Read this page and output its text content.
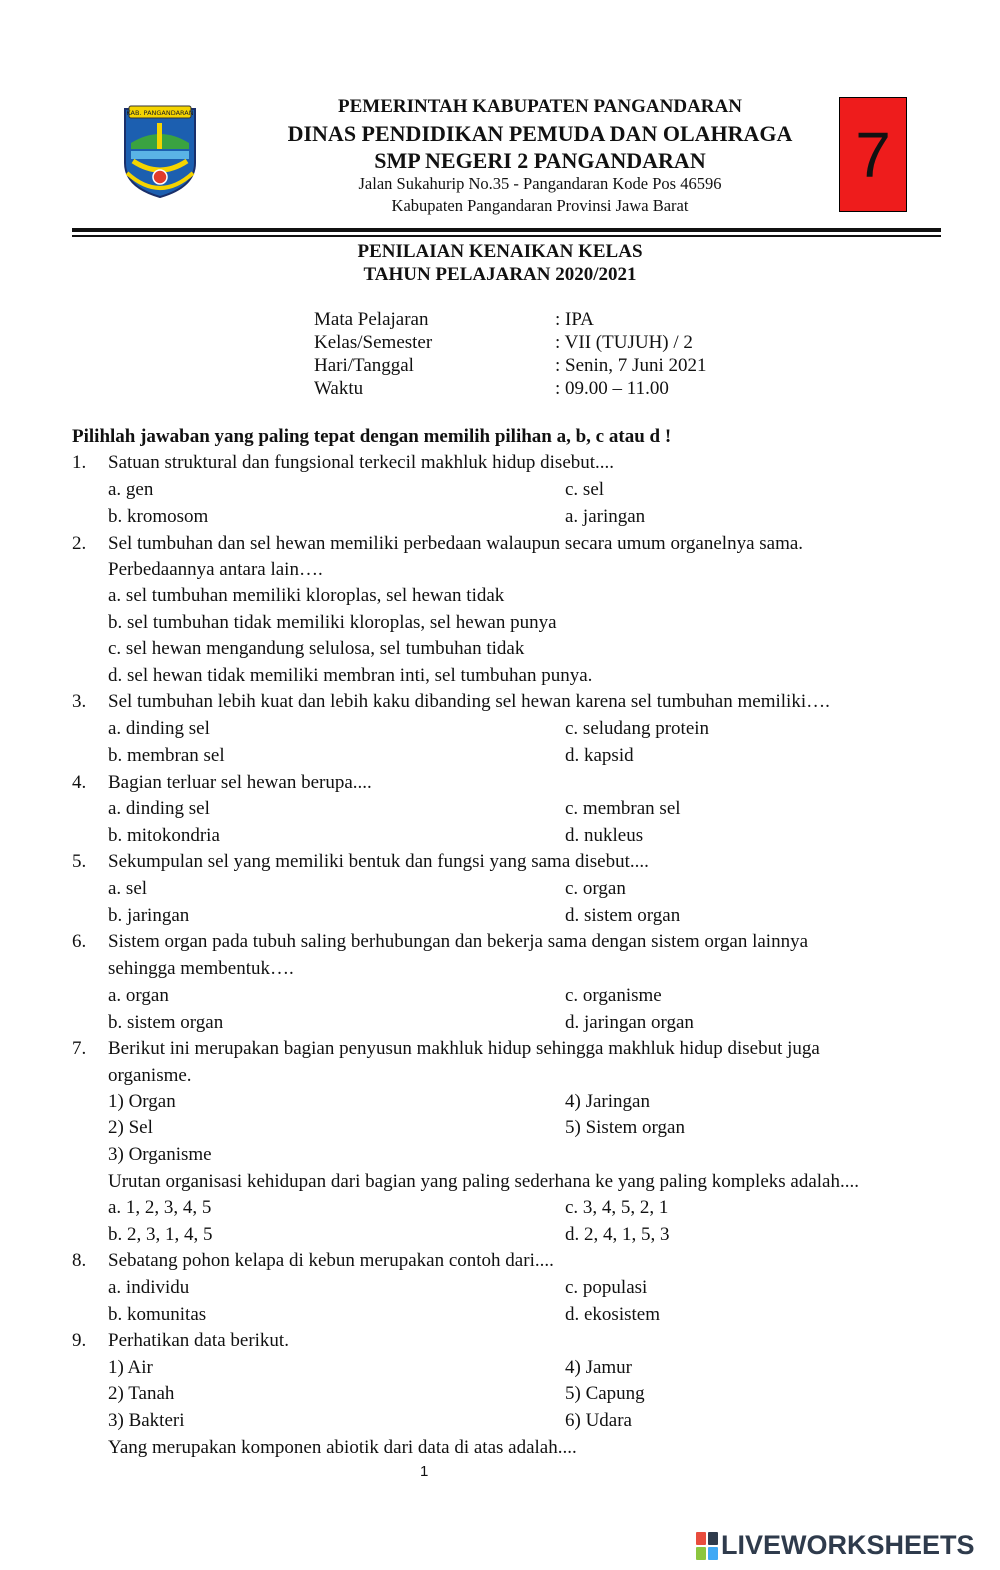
KAB. PANGANDARAN	PEMERINTAH KABUPATEN PANGANDARAN
DINAS PENDIDIKAN PEMUDA DAN OLAHRAGA
SMP NEGERI 2 PANGANDARAN
Jalan Sukahurip No.35 - Pangandaran Kode Pos 46596
Kabupaten Pangandaran Provinsi Jawa Barat
7
PENILAIAN KENAIKAN KELAS
TAHUN PELAJARAN 2020/2021
Mata Pelajaran	: IPA
Kelas/Semester	: VII (TUJUH) / 2
Hari/Tanggal	: Senin, 7 Juni 2021
Waktu	: 09.00 – 11.00
Pilihlah jawaban yang paling tepat dengan memilih pilihan a, b, c atau d !
1. Satuan struktural dan fungsional terkecil makhluk hidup disebut....
a. gen	c. sel
b. kromosom	a. jaringan
2. Sel tumbuhan dan sel hewan memiliki perbedaan walaupun secara umum organelnya sama.
Perbedaannya antara lain….
a. sel tumbuhan memiliki kloroplas, sel hewan tidak
b. sel tumbuhan tidak memiliki kloroplas, sel hewan punya
c. sel hewan mengandung selulosa, sel tumbuhan tidak
d. sel hewan tidak memiliki membran inti, sel tumbuhan punya.
3. Sel tumbuhan lebih kuat dan lebih kaku dibanding sel hewan karena sel tumbuhan memiliki….
a. dinding sel	c. seludang protein
b. membran sel	d. kapsid
4. Bagian terluar sel hewan berupa....
a. dinding sel	c. membran sel
b. mitokondria	d. nukleus
5. Sekumpulan sel yang memiliki bentuk dan fungsi yang sama disebut....
a. sel	c. organ
b. jaringan	d. sistem organ
6. Sistem organ pada tubuh saling berhubungan dan bekerja sama dengan sistem organ lainnya
sehingga membentuk….
a. organ	c. organisme
b. sistem organ	d. jaringan organ
7. Berikut ini merupakan bagian penyusun makhluk hidup sehingga makhluk hidup disebut juga
organisme.
1) Organ	4) Jaringan
2) Sel	5) Sistem organ
3) Organisme
Urutan organisasi kehidupan dari bagian yang paling sederhana ke yang paling kompleks adalah....
a. 1, 2, 3, 4, 5	c. 3, 4, 5, 2, 1
b. 2, 3, 1, 4, 5	d. 2, 4, 1, 5, 3
8. Sebatang pohon kelapa di kebun merupakan contoh dari....
a. individu	c. populasi
b. komunitas	d. ekosistem
9. Perhatikan data berikut.
1) Air	4) Jamur
2) Tanah	5) Capung
3) Bakteri	6) Udara
Yang merupakan komponen abiotik dari data di atas adalah....
1
LIVEWORKSHEETS
